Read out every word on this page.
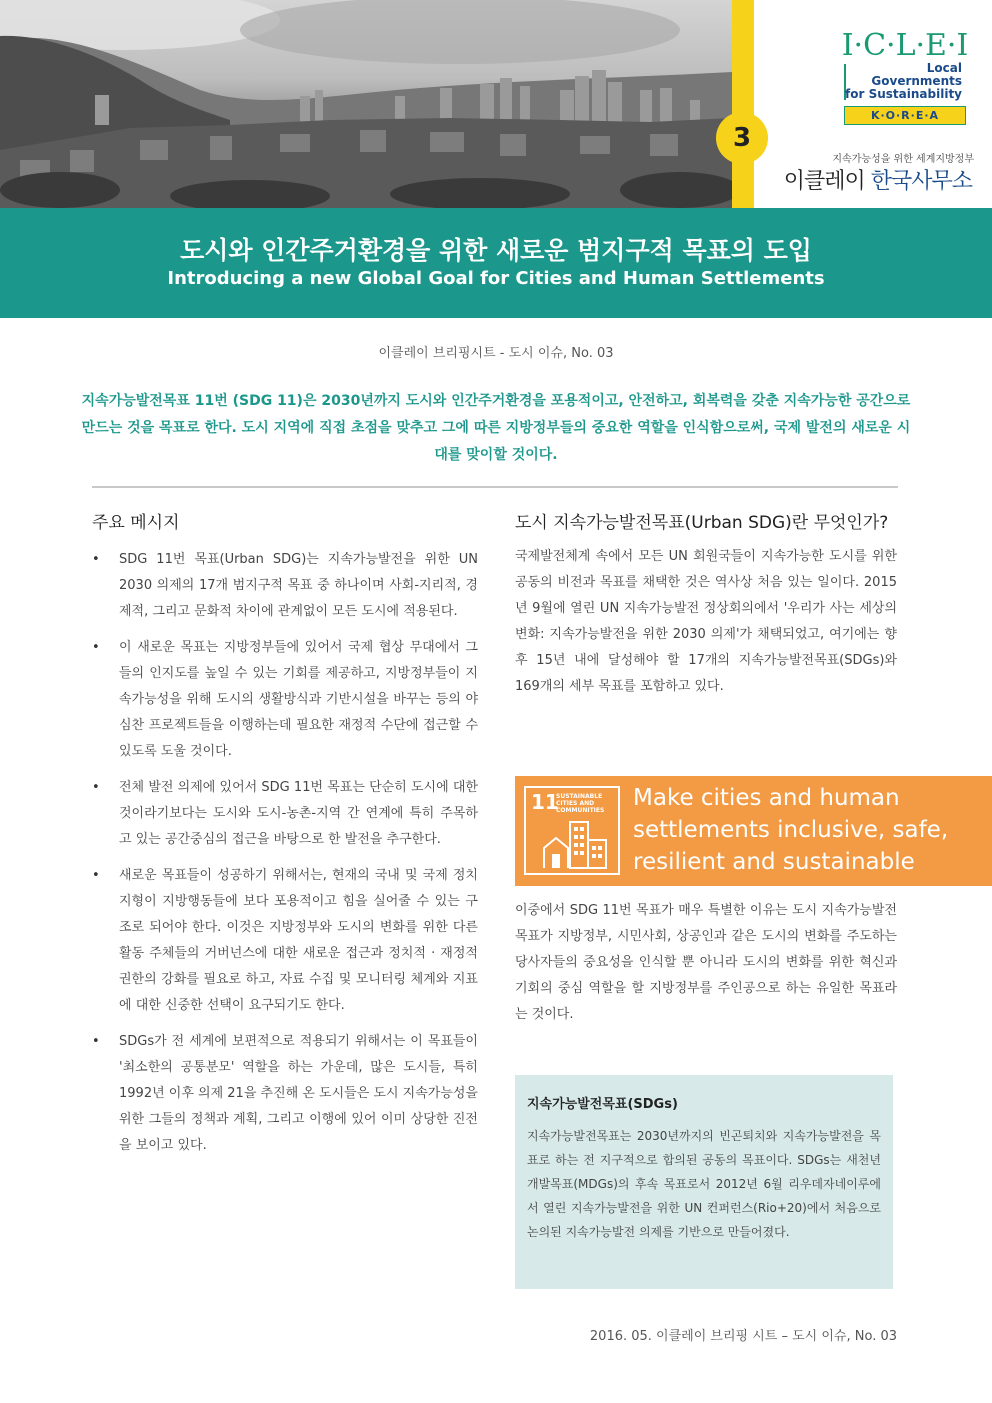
3
I·C·L·E·I
Local
Governments
for Sustainability
K·O·R·E·A
지속가능성을 위한 세계지방정부
이클레이 한국사무소
도시와 인간주거환경을 위한 새로운 범지구적 목표의 도입
Introducing a new Global Goal for Cities and Human Settlements
이클레이 브리핑시트 - 도시 이슈, No. 03
지속가능발전목표 11번 (SDG 11)은 2030년까지 도시와 인간주거환경을 포용적이고, 안전하고, 회복력을 갖춘 지속가능한 공간으로 만드는 것을 목표로 한다. 도시 지역에 직접 초점을 맞추고 그에 따른 지방정부들의 중요한 역할을 인식함으로써, 국제 발전의 새로운 시대를 맞이할 것이다.
주요 메시지
• SDG 11번 목표(Urban SDG)는 지속가능발전을 위한 UN 2030 의제의 17개 범지구적 목표 중 하나이며 사회-지리적, 경제적, 그리고 문화적 차이에 관계없이 모든 도시에 적용된다.
• 이 새로운 목표는 지방정부들에 있어서 국제 협상 무대에서 그들의 인지도를 높일 수 있는 기회를 제공하고, 지방정부들이 지속가능성을 위해 도시의 생활방식과 기반시설을 바꾸는 등의 야심찬 프로젝트들을 이행하는데 필요한 재정적 수단에 접근할 수 있도록 도울 것이다.
• 전체 발전 의제에 있어서 SDG 11번 목표는 단순히 도시에 대한 것이라기보다는 도시와 도시-농촌-지역 간 연계에 특히 주목하고 있는 공간중심의 접근을 바탕으로 한 발전을 추구한다.
• 새로운 목표들이 성공하기 위해서는, 현재의 국내 및 국제 정치 지형이 지방행동들에 보다 포용적이고 힘을 실어줄 수 있는 구조로 되어야 한다. 이것은 지방정부와 도시의 변화를 위한 다른 활동 주체들의 거버넌스에 대한 새로운 접근과 정치적 · 재정적 권한의 강화를 필요로 하고, 자료 수집 및 모니터링 체계와 지표에 대한 신중한 선택이 요구되기도 한다.
• SDGs가 전 세계에 보편적으로 적용되기 위해서는 이 목표들이 '최소한의 공통분모' 역할을 하는 가운데, 많은 도시들, 특히 1992년 이후 의제 21을 추진해 온 도시들은 도시 지속가능성을 위한 그들의 정책과 계획, 그리고 이행에 있어 이미 상당한 진전을 보이고 있다.
도시 지속가능발전목표(Urban SDG)란 무엇인가?
국제발전체계 속에서 모든 UN 회원국들이 지속가능한 도시를 위한 공동의 비전과 목표를 채택한 것은 역사상 처음 있는 일이다. 2015년 9월에 열린 UN 지속가능발전 정상회의에서 '우리가 사는 세상의 변화: 지속가능발전을 위한 2030 의제'가 채택되었고, 여기에는 향후 15년 내에 달성해야 할 17개의 지속가능발전목표(SDGs)와 169개의 세부 목표를 포함하고 있다.
11
SUSTAINABLE CITIES AND COMMUNITIES	Make cities and human settlements inclusive, safe, resilient and sustainable
이중에서 SDG 11번 목표가 매우 특별한 이유는 도시 지속가능발전목표가 지방정부, 시민사회, 상공인과 같은 도시의 변화를 주도하는 당사자들의 중요성을 인식할 뿐 아니라 도시의 변화를 위한 혁신과 기회의 중심 역할을 할 지방정부를 주인공으로 하는 유일한 목표라는 것이다.
지속가능발전목표(SDGs)
지속가능발전목표는 2030년까지의 빈곤퇴치와 지속가능발전을 목표로 하는 전 지구적으로 합의된 공동의 목표이다. SDGs는 새천년개발목표(MDGs)의 후속 목표로서 2012년 6월 리우데자네이루에서 열린 지속가능발전을 위한 UN 컨퍼런스(Rio+20)에서 처음으로 논의된 지속가능발전 의제를 기반으로 만들어졌다.
2016. 05. 이클레이 브리핑 시트 – 도시 이슈, No. 03
